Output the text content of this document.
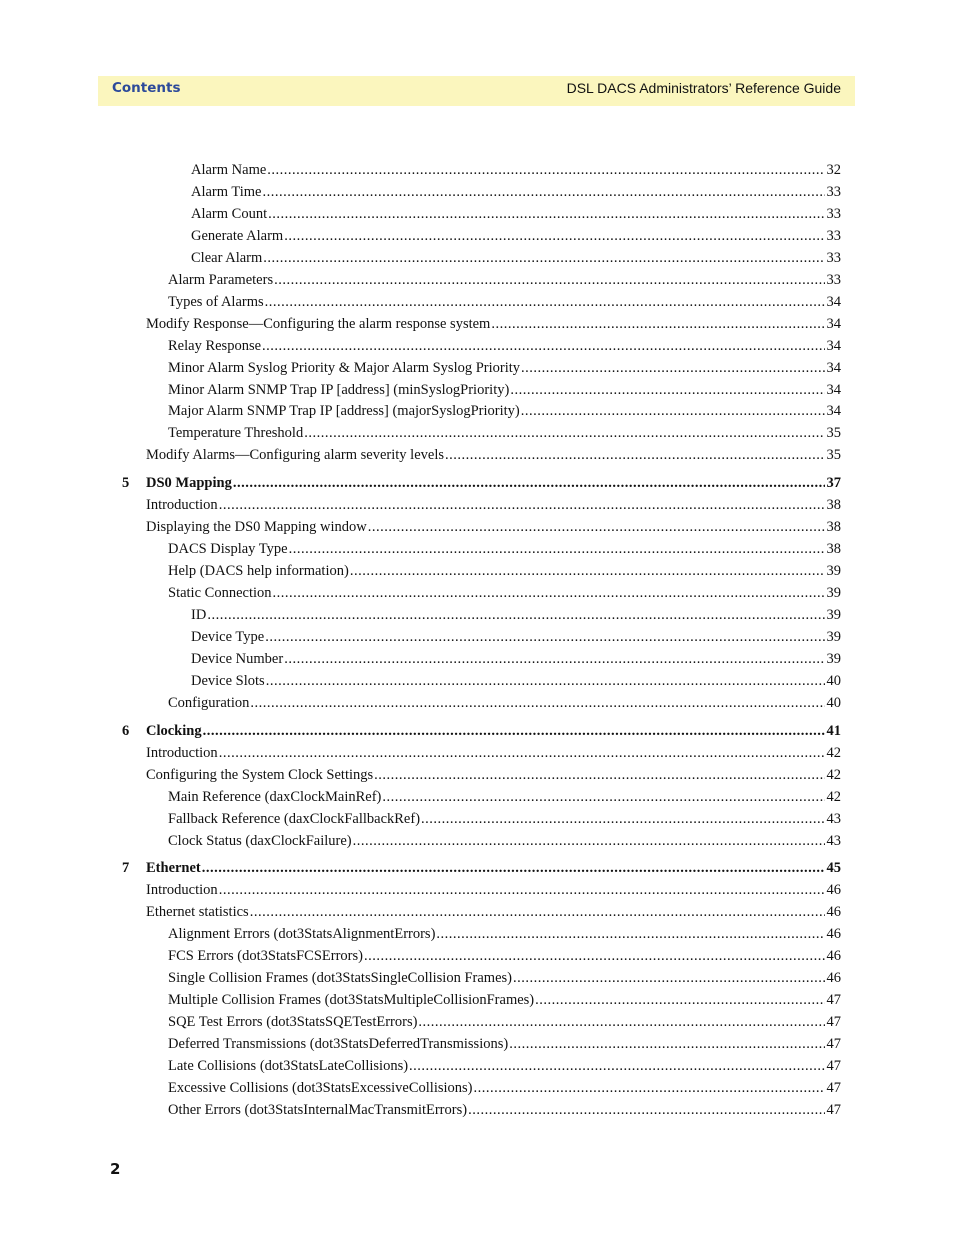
Contents	DSL DACS Administrators’ Reference Guide
Alarm Name .....	32
Alarm Time .....	33
Alarm Count .....	33
Generate Alarm .....	33
Clear Alarm .....	33
Alarm Parameters .....	33
Types of Alarms .....	34
Modify Response—Configuring the alarm response system .....	34
Relay Response .....	34
Minor Alarm Syslog Priority & Major Alarm Syslog Priority .....	34
Minor Alarm SNMP Trap IP [address] (minSyslogPriority) .....	34
Major Alarm SNMP Trap IP [address] (majorSyslogPriority) .....	34
Temperature Threshold .....	35
Modify Alarms—Configuring alarm severity levels .....	35
5 DS0 Mapping .....	37
Introduction .....	38
Displaying the DS0 Mapping window .....	38
DACS Display Type .....	38
Help (DACS help information) .....	39
Static Connection .....	39
ID .....	39
Device Type .....	39
Device Number .....	39
Device Slots .....	40
Configuration .....	40
6 Clocking .....	41
Introduction .....	42
Configuring the System Clock Settings .....	42
Main Reference (daxClockMainRef) .....	42
Fallback Reference (daxClockFallbackRef) .....	43
Clock Status (daxClockFailure) .....	43
7 Ethernet .....	45
Introduction .....	46
Ethernet statistics .....	46
Alignment Errors (dot3StatsAlignmentErrors) .....	46
FCS Errors (dot3StatsFCSErrors) .....	46
Single Collision Frames (dot3StatsSingleCollision Frames) .....	46
Multiple Collision Frames (dot3StatsMultipleCollisionFrames) .....	47
SQE Test Errors (dot3StatsSQETestErrors) .....	47
Deferred Transmissions (dot3StatsDeferredTransmissions) .....	47
Late Collisions (dot3StatsLateCollisions) .....	47
Excessive Collisions (dot3StatsExcessiveCollisions) .....	47
Other Errors (dot3StatsInternalMacTransmitErrors) .....	47
2
